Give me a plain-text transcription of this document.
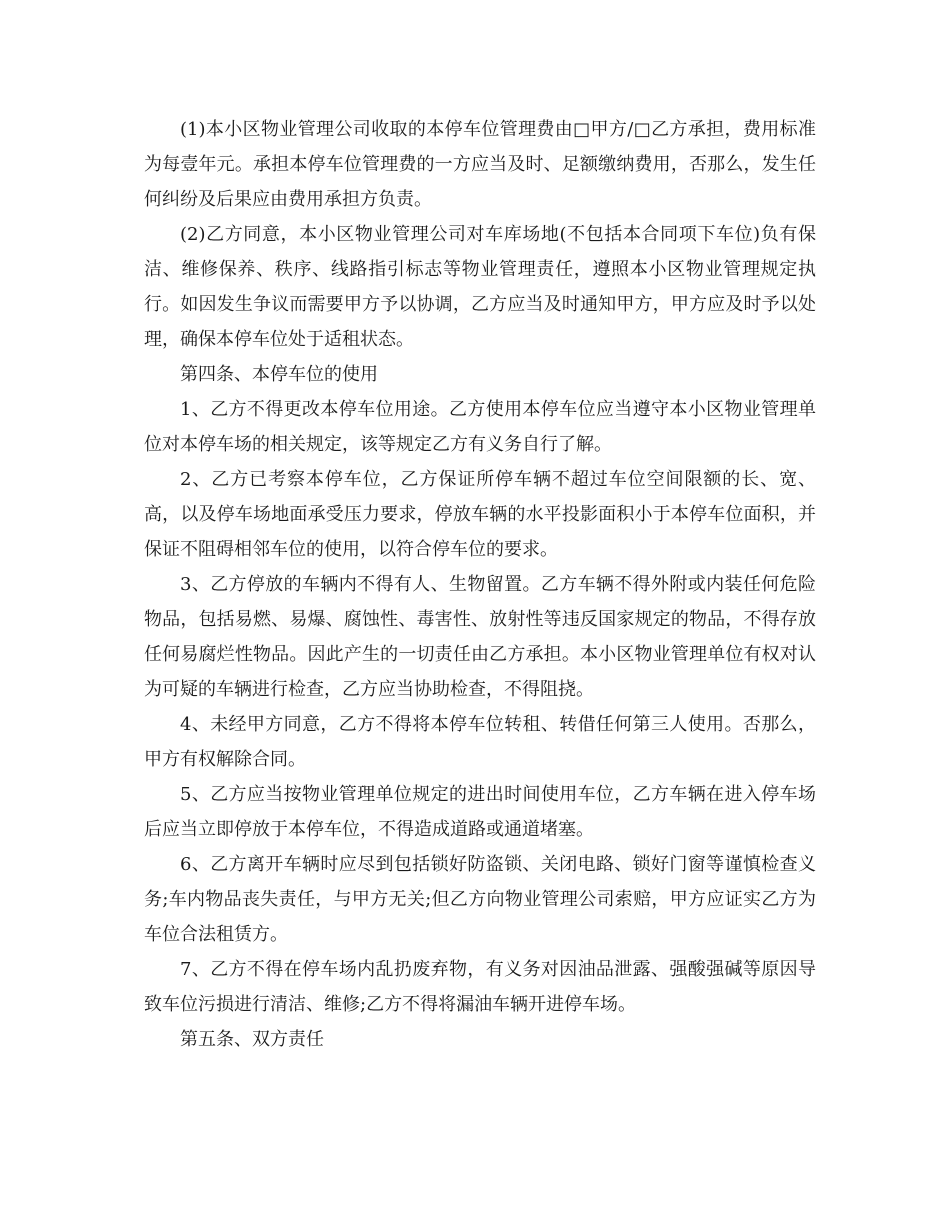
(1)本小区物业管理公司收取的本停车位管理费由□甲方/□乙方承担，费用标准为每壹年元。承担本停车位管理费的一方应当及时、足额缴纳费用，否那么，发生任何纠纷及后果应由费用承担方负责。

(2)乙方同意，本小区物业管理公司对车库场地(不包括本合同项下车位)负有保洁、维修保养、秩序、线路指引标志等物业管理责任，遵照本小区物业管理规定执行。如因发生争议而需要甲方予以协调，乙方应当及时通知甲方，甲方应及时予以处理，确保本停车位处于适租状态。

第四条、本停车位的使用

1、乙方不得更改本停车位用途。乙方使用本停车位应当遵守本小区物业管理单位对本停车场的相关规定，该等规定乙方有义务自行了解。

2、乙方已考察本停车位，乙方保证所停车辆不超过车位空间限额的长、宽、高，以及停车场地面承受压力要求，停放车辆的水平投影面积小于本停车位面积，并保证不阻碍相邻车位的使用，以符合停车位的要求。

3、乙方停放的车辆内不得有人、生物留置。乙方车辆不得外附或内装任何危险物品，包括易燃、易爆、腐蚀性、毒害性、放射性等违反国家规定的物品，不得存放任何易腐烂性物品。因此产生的一切责任由乙方承担。本小区物业管理单位有权对认为可疑的车辆进行检查，乙方应当协助检查，不得阻挠。

4、未经甲方同意，乙方不得将本停车位转租、转借任何第三人使用。否那么，甲方有权解除合同。

5、乙方应当按物业管理单位规定的进出时间使用车位，乙方车辆在进入停车场后应当立即停放于本停车位，不得造成道路或通道堵塞。

6、乙方离开车辆时应尽到包括锁好防盗锁、关闭电路、锁好门窗等谨慎检查义务;车内物品丧失责任，与甲方无关;但乙方向物业管理公司索赔，甲方应证实乙方为车位合法租赁方。

7、乙方不得在停车场内乱扔废弃物，有义务对因油品泄露、强酸强碱等原因导致车位污损进行清洁、维修;乙方不得将漏油车辆开进停车场。

第五条、双方责任
